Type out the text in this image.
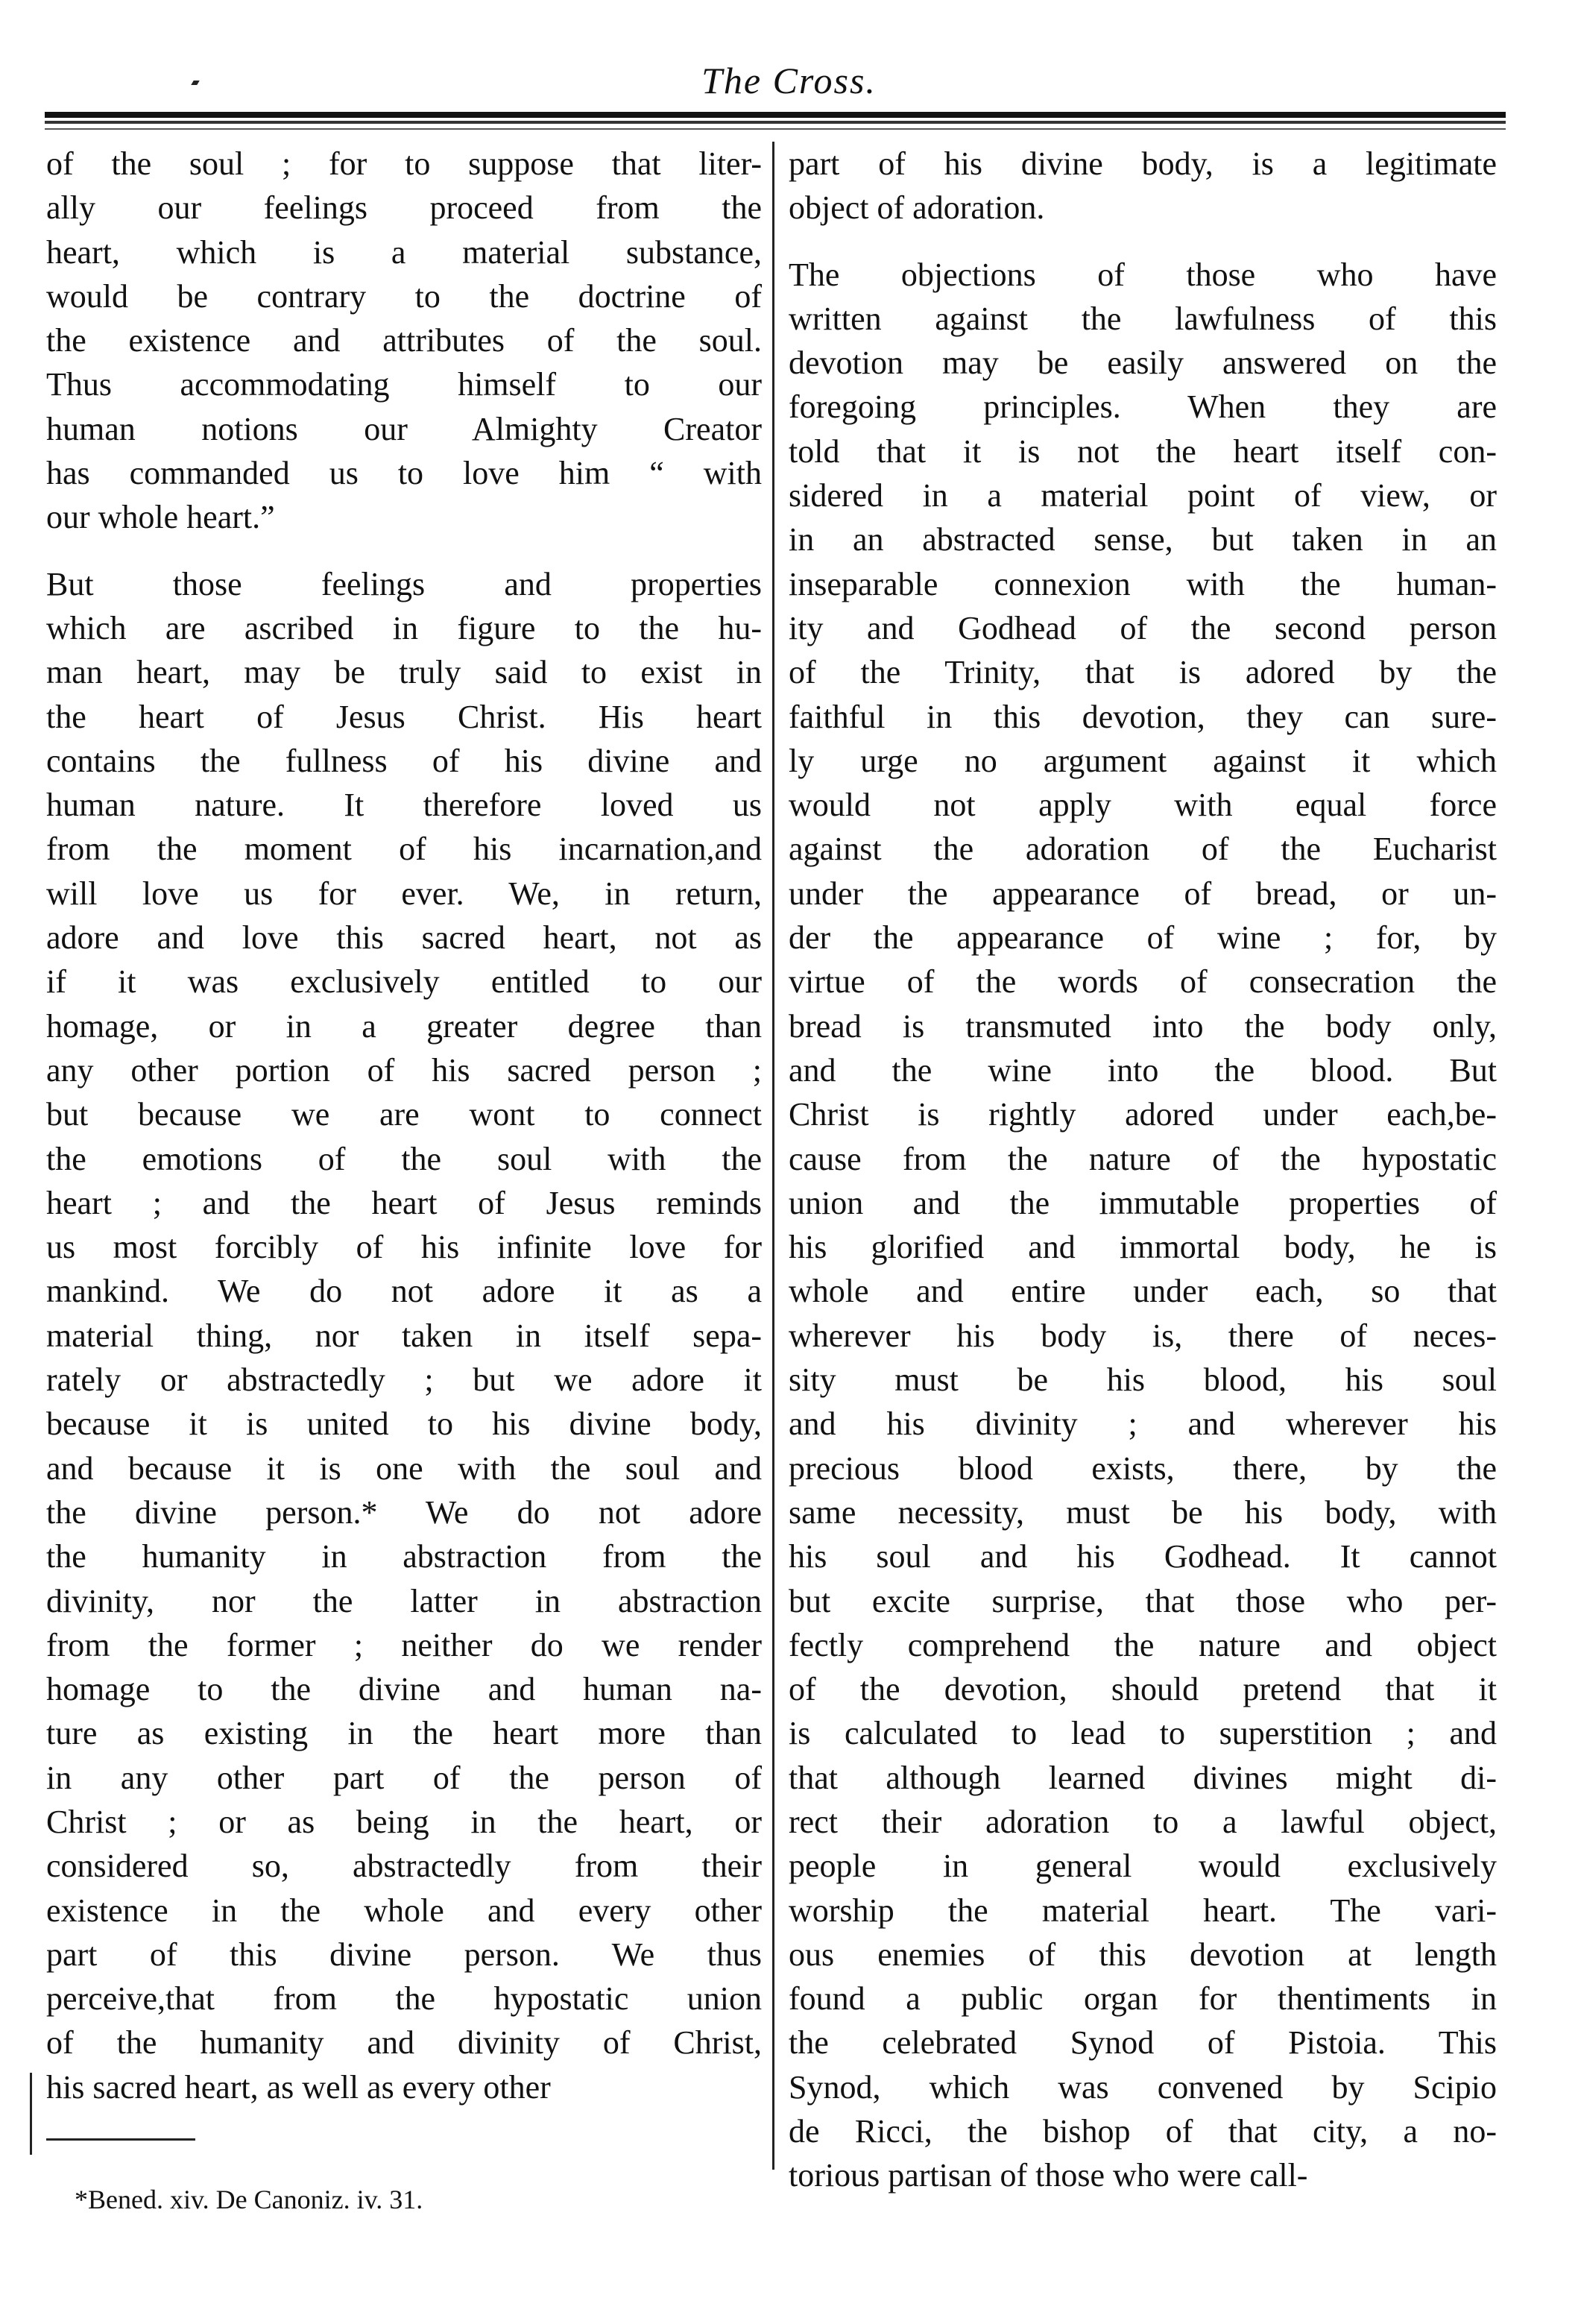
The Cross.

of the soul ; for to suppose that liter-
ally our feelings proceed from the
heart, which is a material substance,
would be contrary to the doctrine of
the existence and attributes of the soul.
Thus accommodating himself to our
human notions our Almighty Creator
has commanded us to love him “ with
our whole heart.”

But those feelings and properties
which are ascribed in figure to the hu-
man heart, may be truly said to exist in
the heart of Jesus Christ. His heart
contains the fullness of his divine and
human nature. It therefore loved us
from the moment of his incarnation,and
will love us for ever. We, in return,
adore and love this sacred heart, not as
if it was exclusively entitled to our
homage, or in a greater degree than
any other portion of his sacred person ;
but because we are wont to connect
the emotions of the soul with the
heart ; and the heart of Jesus reminds
us most forcibly of his infinite love for
mankind. We do not adore it as a
material thing, nor taken in itself sepa-
rately or abstractedly ; but we adore it
because it is united to his divine body,
and because it is one with the soul and
the divine person.* We do not adore
the humanity in abstraction from the
divinity, nor the latter in abstraction
from the former ; neither do we render
homage to the divine and human na-
ture as existing in the heart more than
in any other part of the person of
Christ ; or as being in the heart, or
considered so, abstractedly from their
existence in the whole and every other
part of this divine person. We thus
perceive,that from the hypostatic union
of the humanity and divinity of Christ,
his sacred heart, as well as every other

part of his divine body, is a legitimate
object of adoration.

The objections of those who have
written against the lawfulness of this
devotion may be easily answered on the
foregoing principles. When they are
told that it is not the heart itself con-
sidered in a material point of view, or
in an abstracted sense, but taken in an
inseparable connexion with the human-
ity and Godhead of the second person
of the Trinity, that is adored by the
faithful in this devotion, they can sure-
ly urge no argument against it which
would not apply with equal force
against the adoration of the Eucharist
under the appearance of bread, or un-
der the appearance of wine ; for, by
virtue of the words of consecration the
bread is transmuted into the body only,
and the wine into the blood. But
Christ is rightly adored under each,be-
cause from the nature of the hypostatic
union and the immutable properties of
his glorified and immortal body, he is
whole and entire under each, so that
wherever his body is, there of neces-
sity must be his blood, his soul
and his divinity ; and wherever his
precious blood exists, there, by the
same necessity, must be his body, with
his soul and his Godhead. It cannot
but excite surprise, that those who per-
fectly comprehend the nature and object
of the devotion, should pretend that it
is calculated to lead to superstition ; and
that although learned divines might di-
rect their adoration to a lawful object,
people in general would exclusively
worship the material heart. The vari-
ous enemies of this devotion at length
found a public organ for thentiments in
the celebrated Synod of Pistoia. This
Synod, which was convened by Scipio
de Ricci, the bishop of that city, a no-
torious partisan of those who were call-

*Bened. xiv. De Canoniz. iv. 31.
